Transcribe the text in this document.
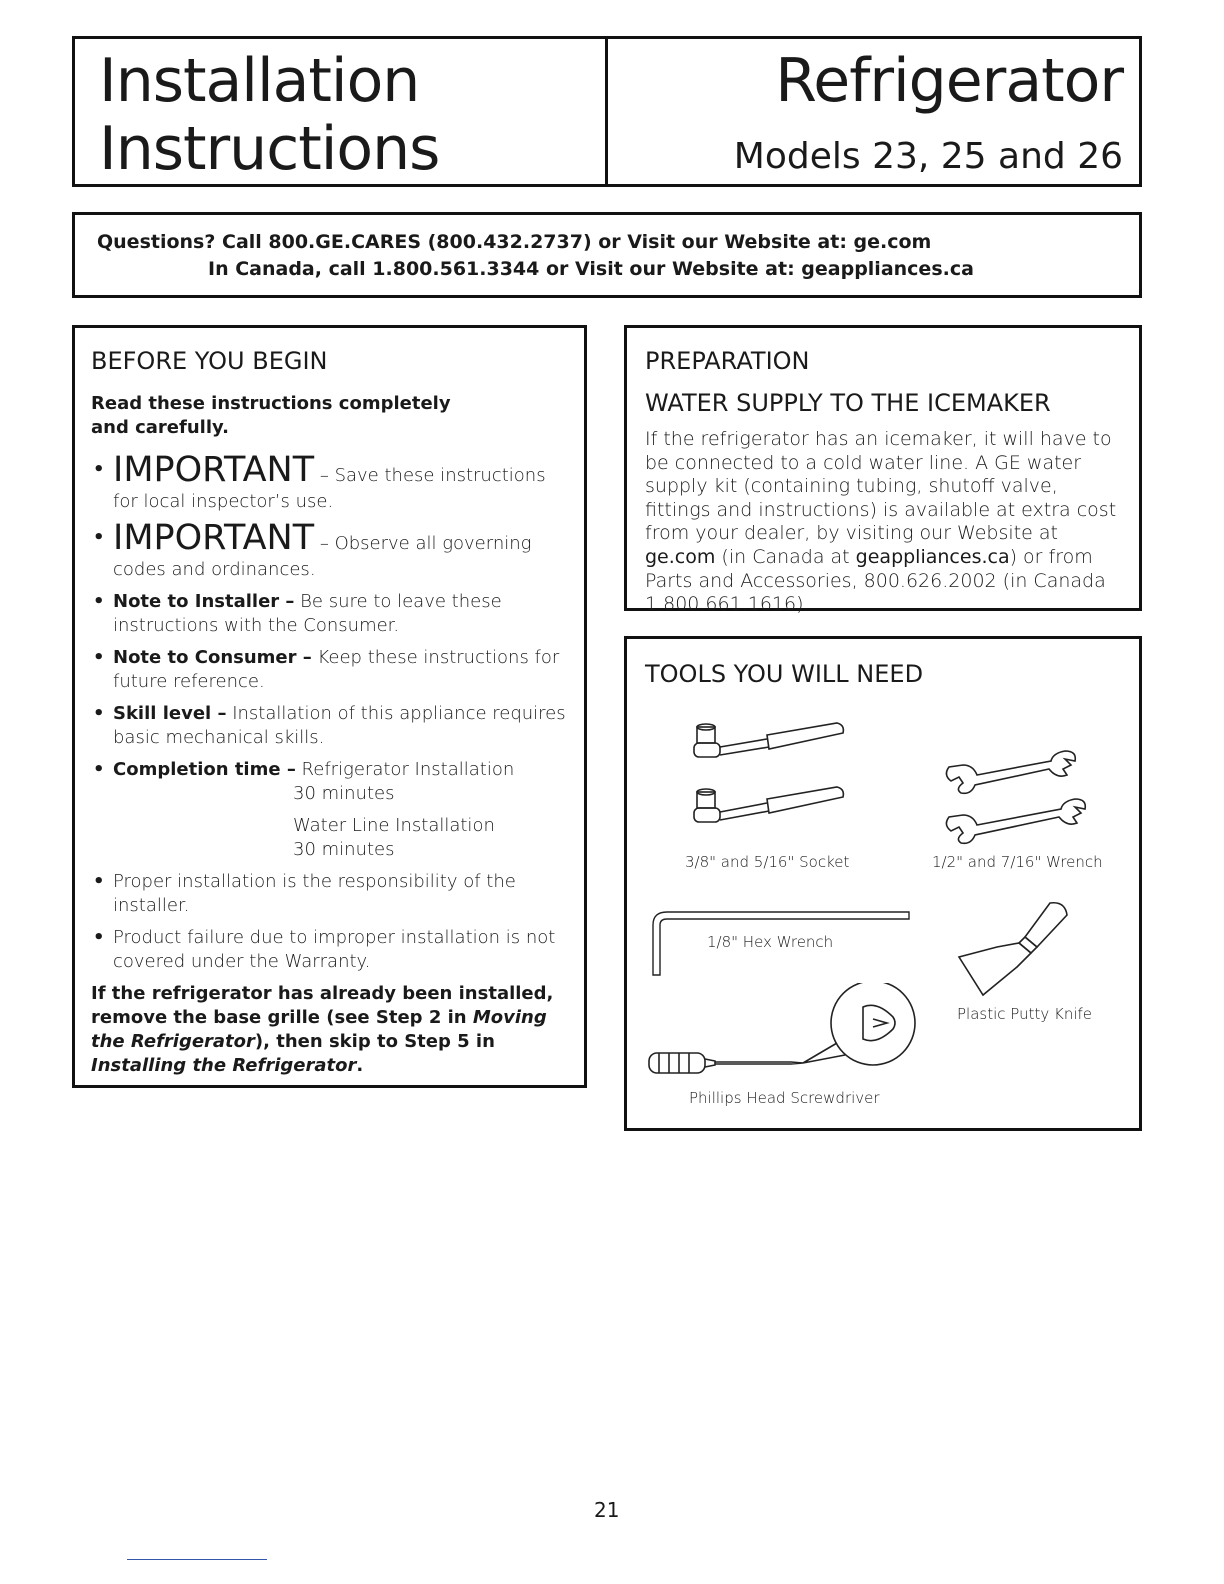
Installation
Instructions
Refrigerator
Models 23, 25 and 26
Questions? Call 800.GE.CARES (800.432.2737) or Visit our Website at: ge.com
In Canada, call 1.800.561.3344 or Visit our Website at: geappliances.ca
BEFORE YOU BEGIN

Read these instructions completely
and carefully.

• IMPORTANT – Save these instructions for local inspector’s use.
• IMPORTANT – Observe all governing codes and ordinances.
• Note to Installer – Be sure to leave these instructions with the Consumer.
• Note to Consumer – Keep these instructions for future reference.
• Skill level – Installation of this appliance requires basic mechanical skills.
• Completion time – Refrigerator Installation
30 minutes
Water Line Installation
30 minutes
• Proper installation is the responsibility of the installer.
• Product failure due to improper installation is not covered under the Warranty.

If the refrigerator has already been installed, remove the base grille (see Step 2 in Moving the Refrigerator), then skip to Step 5 in Installing the Refrigerator.

PREPARATION
WATER SUPPLY TO THE ICEMAKER
If the refrigerator has an icemaker, it will have to be connected to a cold water line. A GE water supply kit (containing tubing, shutoff valve, fittings and instructions) is available at extra cost from your dealer, by visiting our Website at ge.com (in Canada at geappliances.ca) or from Parts and Accessories, 800.626.2002 (in Canada 1.800.661.1616).
TOOLS YOU WILL NEED
3/8" and 5/16" Socket	1/2" and 7/16" Wrench
1/8" Hex Wrench
Plastic Putty Knife
Phillips Head Screwdriver
21
